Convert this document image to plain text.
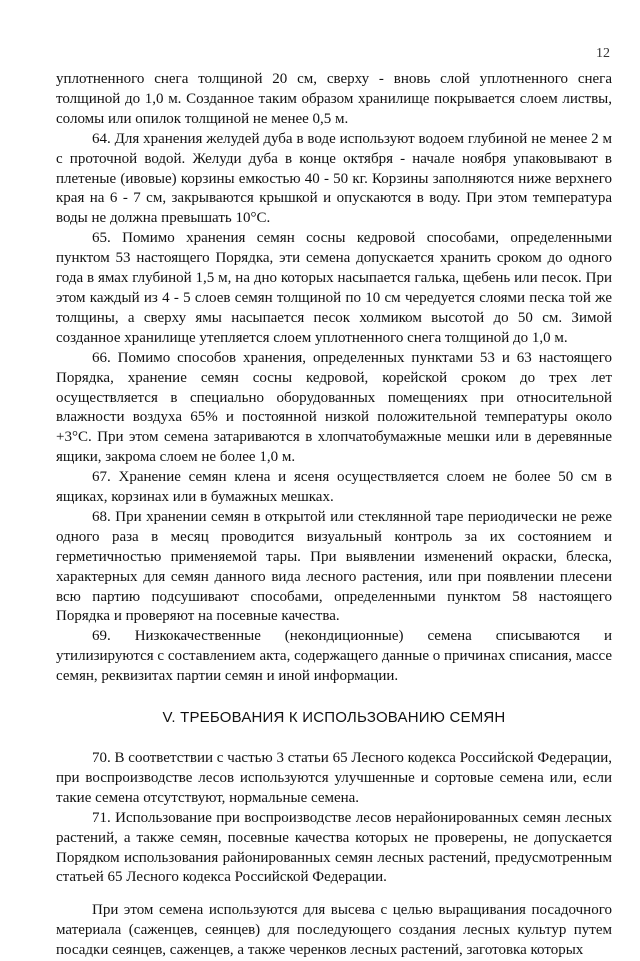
12

уплотненного снега толщиной 20 см, сверху - вновь слой уплотненного снега толщиной до 1,0 м. Созданное таким образом хранилище покрывается слоем листвы, соломы или опилок толщиной не менее 0,5 м.

64. Для хранения желудей дуба в воде используют водоем глубиной не менее 2 м с проточной водой. Желуди дуба в конце октября - начале ноября упаковывают в плетеные (ивовые) корзины емкостью 40 - 50 кг. Корзины заполняются ниже верхнего края на 6 - 7 см, закрываются крышкой и опускаются в воду. При этом температура воды не должна превышать 10°С.

65. Помимо хранения семян сосны кедровой способами, определенными пунктом 53 настоящего Порядка, эти семена допускается хранить сроком до одного года в ямах глубиной 1,5 м, на дно которых насыпается галька, щебень или песок. При этом каждый из 4 - 5 слоев семян толщиной по 10 см чередуется слоями песка той же толщины, а сверху ямы насыпается песок холмиком высотой до 50 см. Зимой созданное хранилище утепляется слоем уплотненного снега толщиной до 1,0 м.

66. Помимо способов хранения, определенных пунктами 53 и 63 настоящего Порядка, хранение семян сосны кедровой, корейской сроком до трех лет осуществляется в специально оборудованных помещениях при относительной влажности воздуха 65% и постоянной низкой положительной температуры около +3°С. При этом семена затариваются в хлопчатобумажные мешки или в деревянные ящики, закрома слоем не более 1,0 м.

67. Хранение семян клена и ясеня осуществляется слоем не более 50 см в ящиках, корзинах или в бумажных мешках.

68. При хранении семян в открытой или стеклянной таре периодически не реже одного раза в месяц проводится визуальный контроль за их состоянием и герметичностью применяемой тары. При выявлении изменений окраски, блеска, характерных для семян данного вида лесного растения, или при появлении плесени всю партию подсушивают способами, определенными пунктом 58 настоящего Порядка и проверяют на посевные качества.

69. Низкокачественные (некондиционные) семена списываются и утилизируются с составлением акта, содержащего данные о причинах списания, массе семян, реквизитах партии семян и иной информации.

V. ТРЕБОВАНИЯ К ИСПОЛЬЗОВАНИЮ СЕМЯН

70. В соответствии с частью 3 статьи 65 Лесного кодекса Российской Федерации, при воспроизводстве лесов используются улучшенные и сортовые семена или, если такие семена отсутствуют, нормальные семена.

71. Использование при воспроизводстве лесов нерайонированных семян лесных растений, а также семян, посевные качества которых не проверены, не допускается Порядком использования районированных семян лесных растений, предусмотренным статьей 65 Лесного кодекса Российской Федерации.

При этом семена используются для высева с целью выращивания посадочного материала (саженцев, сеянцев) для последующего создания лесных культур путем посадки сеянцев, саженцев, а также черенков лесных растений, заготовка которых
